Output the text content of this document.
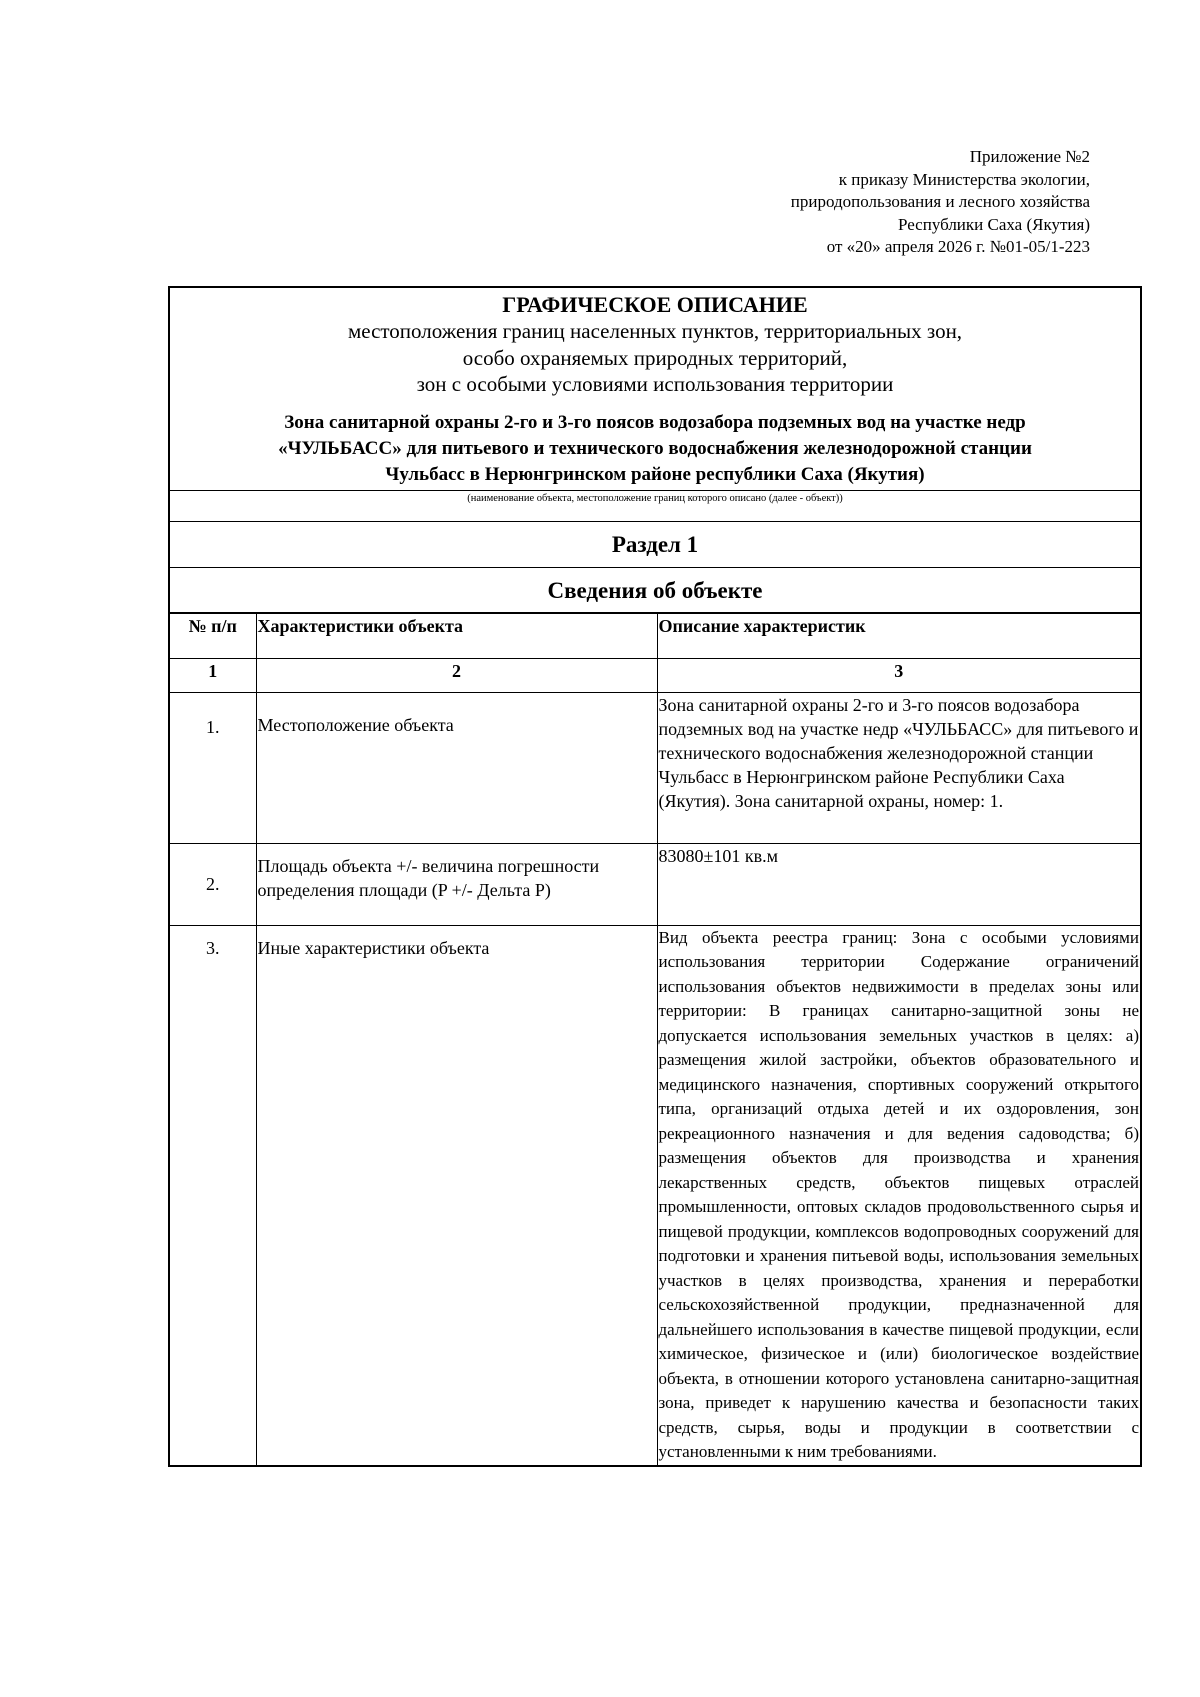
Приложение №2
к приказу Министерства экологии,
природопользования и лесного хозяйства
Республики Саха (Якутия)
от «20» апреля 2026 г. №01-05/1-223
ГРАФИЧЕСКОЕ ОПИСАНИЕ
местоположения границ населенных пунктов, территориальных зон,
особо охраняемых природных территорий,
зон с особыми условиями использования территории
Зона санитарной охраны 2-го и 3-го поясов водозабора подземных вод на участке недр
«ЧУЛЬБАСС» для питьевого и технического водоснабжения железнодорожной станции
Чульбасс в Нерюнгринском районе республики Саха (Якутия)
(наименование объекта, местоположение границ которого описано (далее - объект))
Раздел 1
Сведения об объекте
№ п/п	Характеристики объекта	Описание характеристик
1	2	3
1.	Местоположение объекта	Зона санитарной охраны 2-го и 3-го поясов водозабора подземных вод на участке недр «ЧУЛЬБАСС» для питьевого и технического водоснабжения железнодорожной станции Чульбасс в Нерюнгринском районе Республики Саха (Якутия). Зона санитарной охраны, номер: 1.
2.	Площадь объекта +/- величина погрешности определения площади (P +/- Дельта P)	83080±101 кв.м
3.	Иные характеристики объекта	Вид объекта реестра границ: Зона с особыми условиями использования территории Содержание ограничений использования объектов недвижимости в пределах зоны или территории: В границах санитарно-защитной зоны не допускается использования земельных участков в целях: а) размещения жилой застройки, объектов образовательного и медицинского назначения, спортивных сооружений открытого типа, организаций отдыха детей и их оздоровления, зон рекреационного назначения и для ведения садоводства; б) размещения объектов для производства и хранения лекарственных средств, объектов пищевых отраслей промышленности, оптовых складов продовольственного сырья и пищевой продукции, комплексов водопроводных сооружений для подготовки и хранения питьевой воды, использования земельных участков в целях производства, хранения и переработки сельскохозяйственной продукции, предназначенной для дальнейшего использования в качестве пищевой продукции, если химическое, физическое и (или) биологическое воздействие объекта, в отношении которого установлена санитарно-защитная зона, приведет к нарушению качества и безопасности таких средств, сырья, воды и продукции в соответствии с установленными к ним требованиями.
